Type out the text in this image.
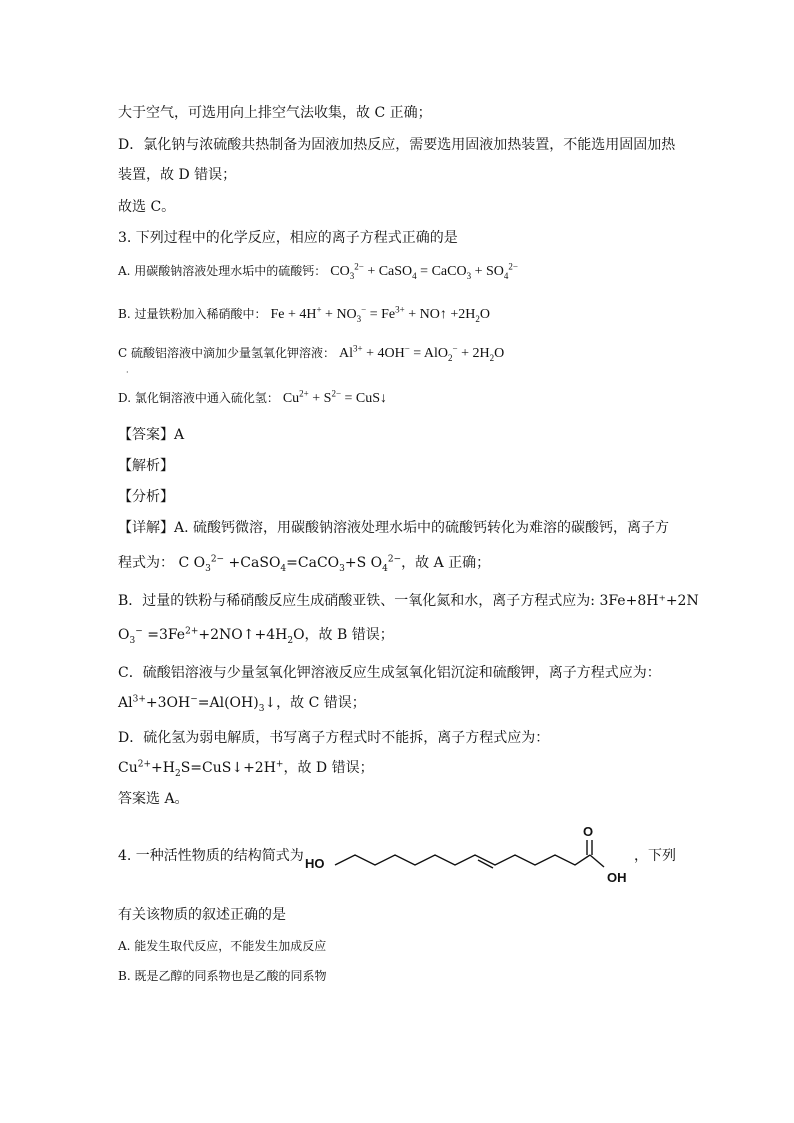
大于空气，可选用向上排空气法收集，故 C 正确；
D．氯化钠与浓硫酸共热制备为固液加热反应，需要选用固液加热装置，不能选用固固加热
装置，故 D 错误；
故选 C。
3. 下列过程中的化学反应，相应的离子方程式正确的是
A. 用碳酸钠溶液处理水垢中的硫酸钙： $CO_3^{2-}$ + CaSO$_4$ = CaCO$_3$ + $SO_4^{2-}$
B. 过量铁粉加入稀硝酸中： $Fe + 4H^+ + NO_3^- = Fe^{3+}$ + NO↑ $+2H_2O$
C 硫酸铝溶液中滴加少量氢氧化钾溶液： $Al^{3+} + 4OH^- = AlO_2^- + 2H_2O$
·
D. 氯化铜溶液中通入硫化氢： $Cu^{2+} + S^{2-}$ = CuS↓
【答案】A
【解析】
【分析】
【详解】A. 硫酸钙微溶，用碳酸钠溶液处理水垢中的硫酸钙转化为难溶的碳酸钙，离子方
程式为： C $O_3^{2-}$ +CaSO$_4$=CaCO$_3$+S $O_4^{2-}$，故 A 正确；
B．过量的铁粉与稀硝酸反应生成硝酸亚铁、一氧化氮和水，离子方程式应为: 3Fe+8H⁺+2N
$O_3^-$ $=3Fe^{2+}+2NO↑+4H_2O$，故 B 错误；
C．硫酸铝溶液与少量氢氧化钾溶液反应生成氢氧化铝沉淀和硫酸钾，离子方程式应为：
$Al^{3+}+3OH^-=Al(OH)_3↓$，故 C 错误；
D．硫化氢为弱电解质，书写离子方程式时不能拆，离子方程式应为：
$Cu^{2+}+H_2S=CuS↓+2H^+$，故 D 错误；
答案选 A。
4. 一种活性物质的结构简式为	，下列
HO
O
OH
有关该物质的叙述正确的是
A. 能发生取代反应，不能发生加成反应
B. 既是乙醇的同系物也是乙酸的同系物
